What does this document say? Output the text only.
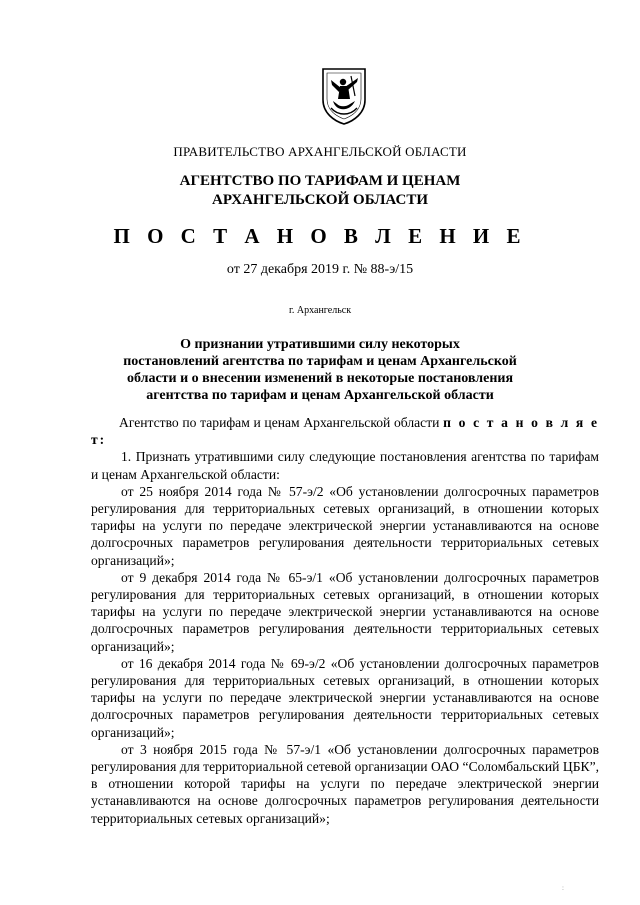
ПРАВИТЕЛЬСТВО АРХАНГЕЛЬСКОЙ ОБЛАСТИ
АГЕНТСТВО ПО ТАРИФАМ И ЦЕНАМ
АРХАНГЕЛЬСКОЙ ОБЛАСТИ
П О С Т А Н О В Л Е Н И Е
от 27 декабря 2019 г. № 88-э/15
г. Архангельск
О признании утратившими силу некоторых
постановлений агентства по тарифам и ценам Архангельской
области и о внесении изменений в некоторые постановления
агентства по тарифам и ценам Архангельской области

Агентство по тарифам и ценам Архангельской области п о с т а н о в л я е т:

1. Признать утратившими силу следующие постановления агентства по тарифам и ценам Архангельской области:

от 25 ноября 2014 года № 57-э/2 «Об установлении долгосрочных параметров регулирования для территориальных сетевых организаций, в отношении которых тарифы на услуги по передаче электрической энергии устанавливаются на основе долгосрочных параметров регулирования деятельности территориальных сетевых организаций»;

от 9 декабря 2014 года № 65-э/1 «Об установлении долгосрочных параметров регулирования для территориальных сетевых организаций, в отношении которых тарифы на услуги по передаче электрической энергии устанавливаются на основе долгосрочных параметров регулирования деятельности территориальных сетевых организаций»;

от 16 декабря 2014 года № 69-э/2 «Об установлении долгосрочных параметров регулирования для территориальных сетевых организаций, в отношении которых тарифы на услуги по передаче электрической энергии устанавливаются на основе долгосрочных параметров регулирования деятельности территориальных сетевых организаций»;

от 3 ноября 2015 года № 57-э/1 «Об установлении долгосрочных параметров регулирования для территориальной сетевой организации ОАО “Соломбальский ЦБК”, в отношении которой тарифы на услуги по передаче электрической энергии устанавливаются на основе долгосрочных параметров регулирования деятельности территориальных сетевых организаций»;

:
